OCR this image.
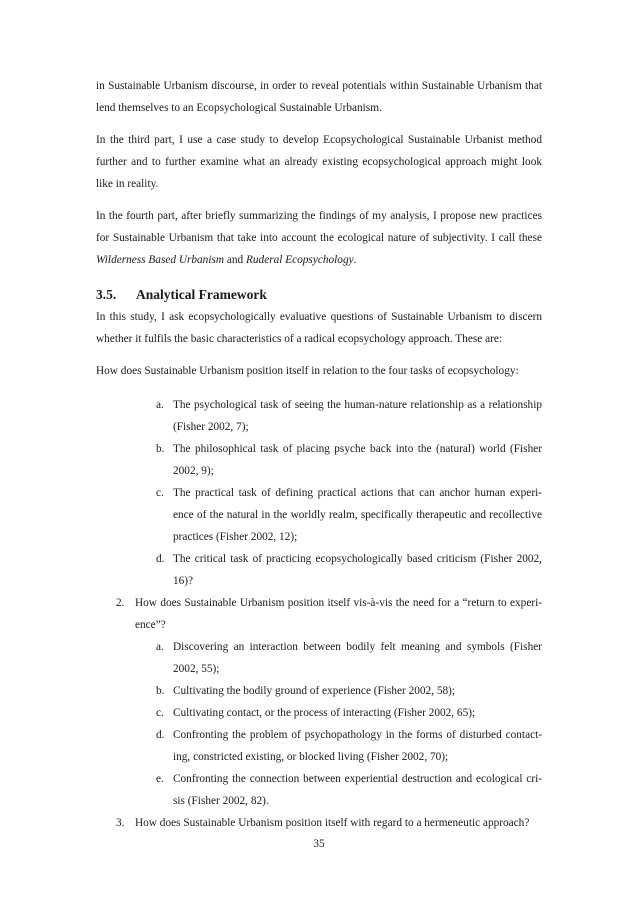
in Sustainable Urbanism discourse, in order to reveal potentials within Sustainable Urbanism that

lend themselves to an Ecopsychological Sustainable Urbanism.

In the third part, I use a case study to develop Ecopsychological Sustainable Urbanist method

further and to further examine what an already existing ecopsychological approach might look

like in reality.

In the fourth part, after briefly summarizing the findings of my analysis, I propose new practices

for Sustainable Urbanism that take into account the ecological nature of subjectivity. I call these

Wilderness Based Urbanism and Ruderal Ecopsychology.

3.5. Analytical Framework

In this study, I ask ecopsychologically evaluative questions of Sustainable Urbanism to discern

whether it fulfils the basic characteristics of a radical ecopsychology approach. These are:

How does Sustainable Urbanism position itself in relation to the four tasks of ecopsychology:

a. The psychological task of seeing the human-nature relationship as a relationship

(Fisher 2002, 7);

b. The philosophical task of placing psyche back into the (natural) world (Fisher

2002, 9);

c. The practical task of defining practical actions that can anchor human experi-

ence of the natural in the worldly realm, specifically therapeutic and recollective

practices (Fisher 2002, 12);

d. The critical task of practicing ecopsychologically based criticism (Fisher 2002,

16)?

2. How does Sustainable Urbanism position itself vis-à-vis the need for a “return to experi-

ence”?

a. Discovering an interaction between bodily felt meaning and symbols (Fisher

2002, 55);

b. Cultivating the bodily ground of experience (Fisher 2002, 58);

c. Cultivating contact, or the process of interacting (Fisher 2002, 65);

d. Confronting the problem of psychopathology in the forms of disturbed contact-

ing, constricted existing, or blocked living (Fisher 2002, 70);

e. Confronting the connection between experiential destruction and ecological cri-

sis (Fisher 2002, 82).

3. How does Sustainable Urbanism position itself with regard to a hermeneutic approach?

35
